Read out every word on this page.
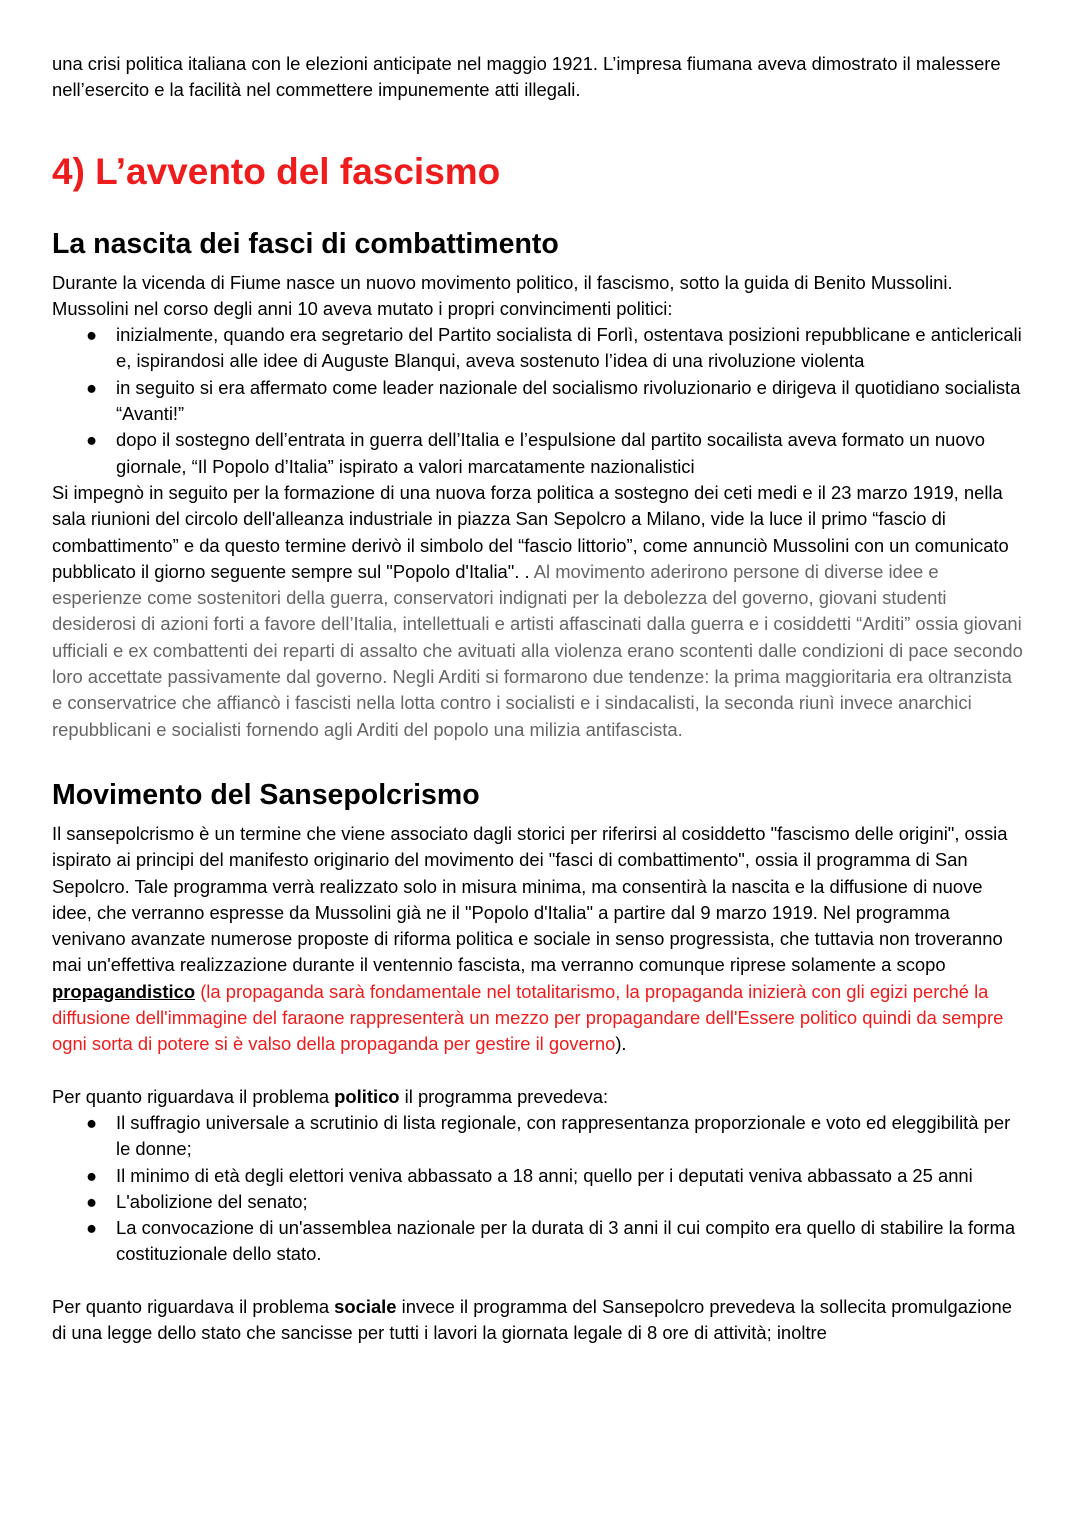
una crisi politica italiana con le elezioni anticipate nel maggio 1921. L’impresa fiumana aveva dimostrato il malessere nell’esercito e la facilità nel commettere impunemente atti illegali.

4) L’avvento del fascismo
La nascita dei fasci di combattimento

Durante la vicenda di Fiume nasce un nuovo movimento politico, il fascismo, sotto la guida di Benito Mussolini. Mussolini nel corso degli anni 10 aveva mutato i propri convincimenti politici:

● inizialmente, quando era segretario del Partito socialista di Forlì, ostentava posizioni repubblicane e anticlericali e, ispirandosi alle idee di Auguste Blanqui, aveva sostenuto l’idea di una rivoluzione violenta
● in seguito si era affermato come leader nazionale del socialismo rivoluzionario e dirigeva il quotidiano socialista “Avanti!”
● dopo il sostegno dell’entrata in guerra dell’Italia e l’espulsione dal partito socailista aveva formato un nuovo giornale, “Il Popolo d’Italia” ispirato a valori marcatamente nazionalistici

Si impegnò in seguito per la formazione di una nuova forza politica a sostegno dei ceti medi e il 23 marzo 1919, nella sala riunioni del circolo dell'alleanza industriale in piazza San Sepolcro a Milano, vide la luce il primo “fascio di combattimento” e da questo termine derivò il simbolo del “fascio littorio”, come annunciò Mussolini con un comunicato pubblicato il giorno seguente sempre sul "Popolo d'Italia". . Al movimento aderirono persone di diverse idee e esperienze come sostenitori della guerra, conservatori indignati per la debolezza del governo, giovani studenti desiderosi di azioni forti a favore dell’Italia, intellettuali e artisti affascinati dalla guerra e i cosiddetti “Arditi” ossia giovani ufficiali e ex combattenti dei reparti di assalto che avituati alla violenza erano scontenti dalle condizioni di pace secondo loro accettate passivamente dal governo. Negli Arditi si formarono due tendenze: la prima maggioritaria era oltranzista e conservatrice che affiancò i fascisti nella lotta contro i socialisti e i sindacalisti, la seconda riunì invece anarchici repubblicani e socialisti fornendo agli Arditi del popolo una milizia antifascista.

Movimento del Sansepolcrismo

Il sansepolcrismo è un termine che viene associato dagli storici per riferirsi al cosiddetto "fascismo delle origini", ossia ispirato ai principi del manifesto originario del movimento dei "fasci di combattimento", ossia il programma di San Sepolcro. Tale programma verrà realizzato solo in misura minima, ma consentirà la nascita e la diffusione di nuove idee, che verranno espresse da Mussolini già ne il "Popolo d'Italia" a partire dal 9 marzo 1919. Nel programma venivano avanzate numerose proposte di riforma politica e sociale in senso progressista, che tuttavia non troveranno mai un'effettiva realizzazione durante il ventennio fascista, ma verranno comunque riprese solamente a scopo propagandistico (la propaganda sarà fondamentale nel totalitarismo, la propaganda inizierà con gli egizi perché la diffusione dell'immagine del faraone rappresenterà un mezzo per propagandare dell'Essere politico quindi da sempre ogni sorta di potere si è valso della propaganda per gestire il governo).

Per quanto riguardava il problema politico il programma prevedeva:

● Il suffragio universale a scrutinio di lista regionale, con rappresentanza proporzionale e voto ed eleggibilità per le donne;
● Il minimo di età degli elettori veniva abbassato a 18 anni; quello per i deputati veniva abbassato a 25 anni
● L'abolizione del senato;
● La convocazione di un'assemblea nazionale per la durata di 3 anni il cui compito era quello di stabilire la forma costituzionale dello stato.

Per quanto riguardava il problema sociale invece il programma del Sansepolcro prevedeva la sollecita promulgazione di una legge dello stato che sancisse per tutti i lavori la giornata legale di 8 ore di attività; inoltre
